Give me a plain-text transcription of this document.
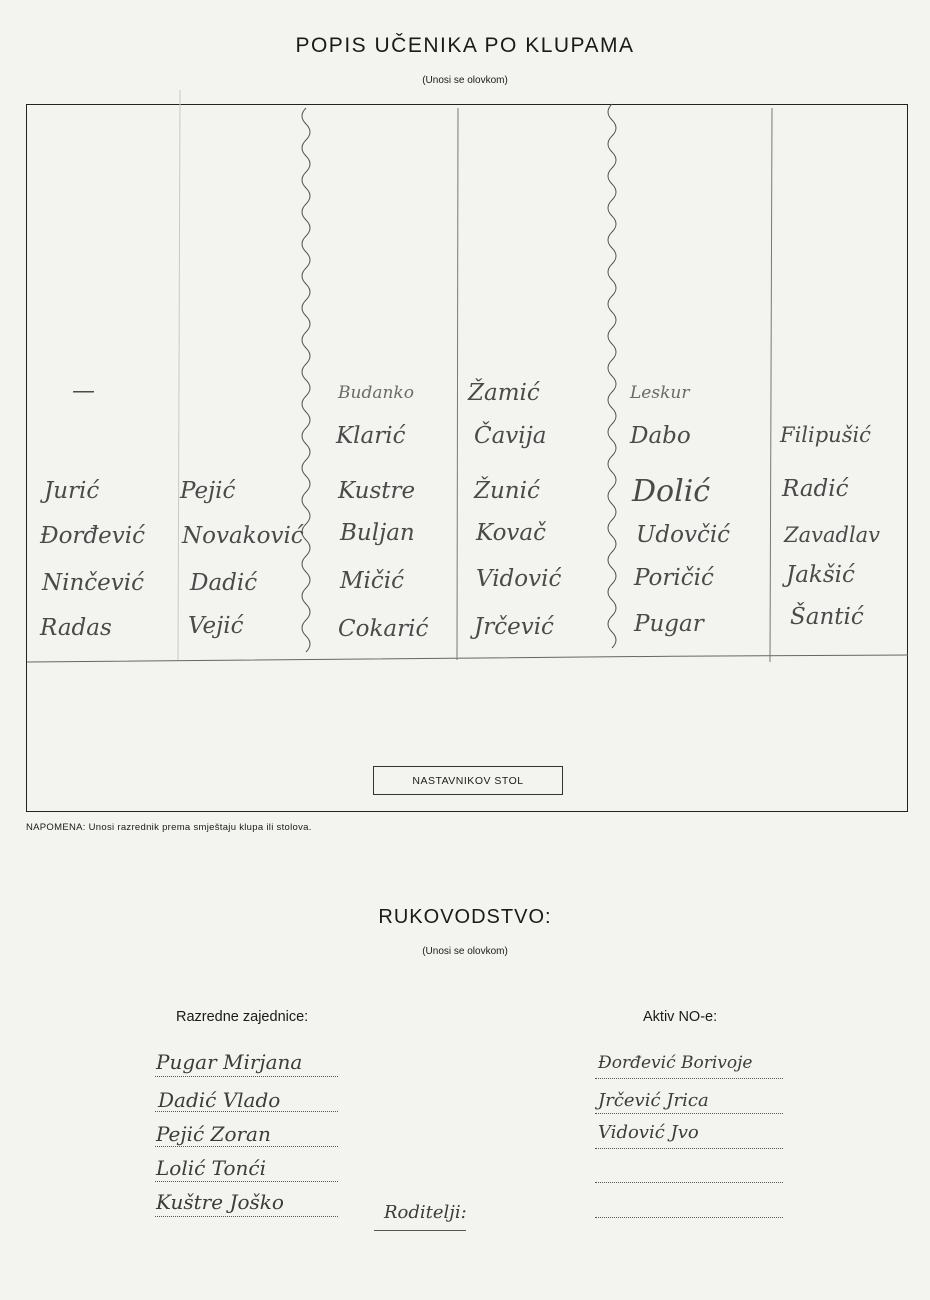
POPIS UČENIKA PO KLUPAMA
(Unosi se olovkom)
—
Jurić
Đorđević
Ninčević
Radas
Pejić
Novaković
Dadić
Vejić
Budanko
Klarić
Kustre
Buljan
Mičić
Cokarić
Žamić
Čavija
Žunić
Kovač
Vidović
Jrčević
Leskur
Dabo
Dolić
Udovčić
Poričić
Pugar
Filipušić
Radić
Zavadlav
Jakšić
Šantić
NASTAVNIKOV STOL
NAPOMENA: Unosi razrednik prema smještaju klupa ili stolova.
RUKOVODSTVO:
(Unosi se olovkom)
Razredne zajednice:	Aktiv NO-e:
Pugar Mirjana
Dadić Vlado
Pejić Zoran
Lolić Tonći
Kuštre Joško	Roditelji:
Đorđević Borivoje
Jrčević Jrica
Vidović Jvo
